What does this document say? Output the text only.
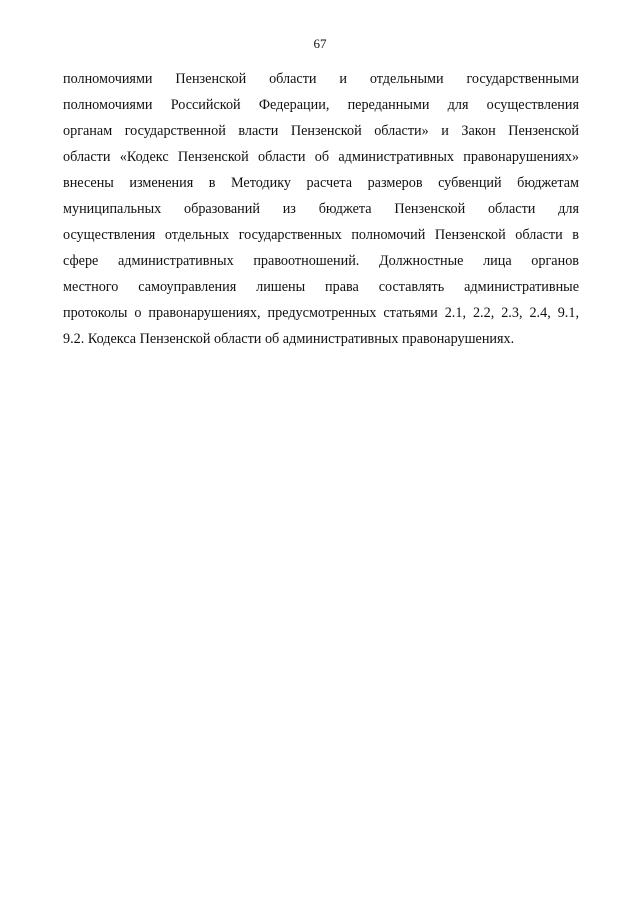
67
полномочиями Пензенской области и отдельными государственными
полномочиями Российской Федерации, переданными для осуществления
органам государственной власти Пензенской области» и Закон Пензенской
области «Кодекс Пензенской области об административных правонарушениях»
внесены изменения в Методику расчета размеров субвенций бюджетам
муниципальных образований из бюджета Пензенской области для
осуществления отдельных государственных полномочий Пензенской области в
сфере административных правоотношений. Должностные лица органов
местного самоуправления лишены права составлять административные
протоколы о правонарушениях, предусмотренных статьями 2.1, 2.2, 2.3, 2.4, 9.1,
9.2. Кодекса Пензенской области об административных правонарушениях.
